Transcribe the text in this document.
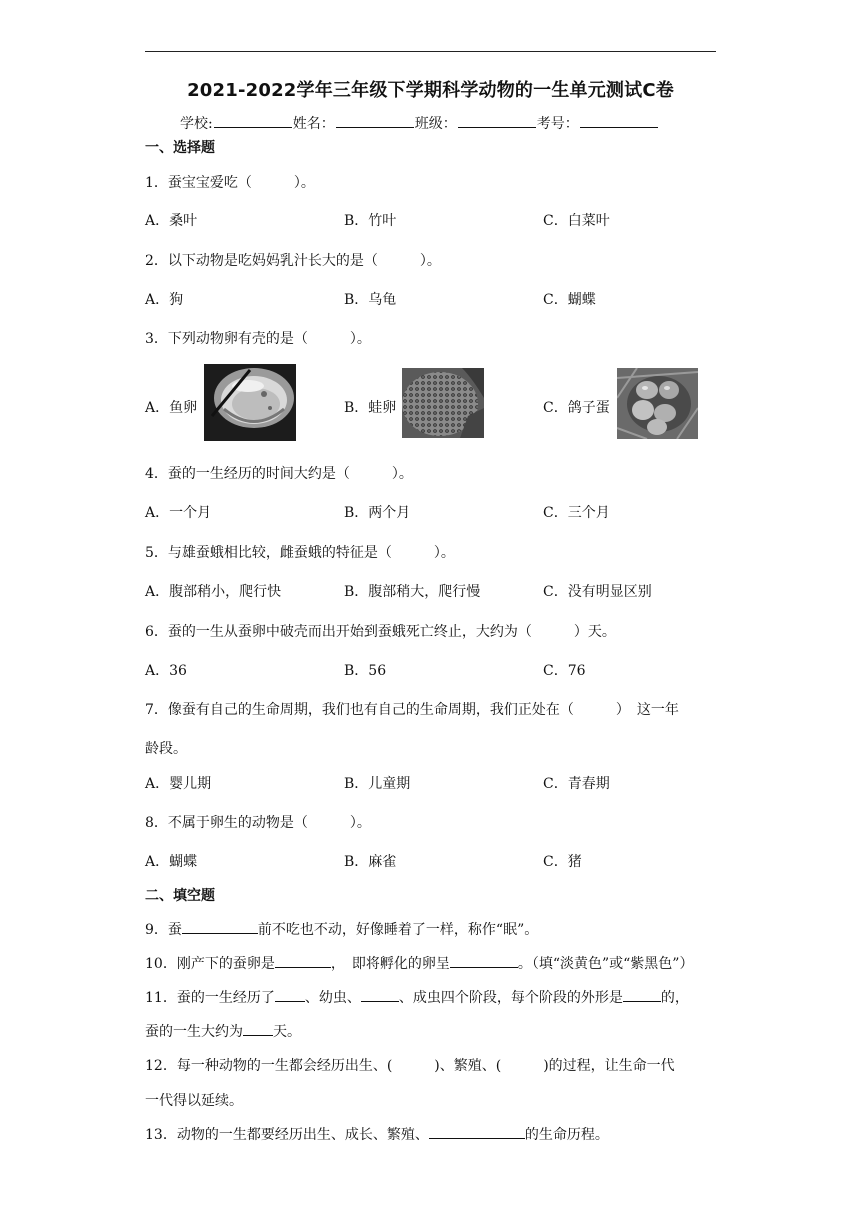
2021-2022学年三年级下学期科学动物的一生单元测试C卷
学校:	姓名：	班级：	考号：
一、选择题
1．蚕宝宝爱吃（　　　）。
A．桑叶	B．竹叶	C．白菜叶
2．以下动物是吃妈妈乳汁长大的是（　　　）。
A．狗	B．乌龟	C．蝴蝶
3．下列动物卵有壳的是（　　　）。
A．鱼卵	B．蛙卵	C．鸽子蛋
4．蚕的一生经历的时间大约是（　　　）。
A．一个月	B．两个月	C．三个月
5．与雄蚕蛾相比较，雌蚕蛾的特征是（　　　）。
A．腹部稍小，爬行快	B．腹部稍大，爬行慢	C．没有明显区别
6．蚕的一生从蚕卵中破壳而出开始到蚕蛾死亡终止，大约为（　　　）天。
A．36	B．56	C．76
7．像蚕有自己的生命周期，我们也有自己的生命周期，我们正处在（　　　）　这一年
龄段。
A．婴儿期	B．儿童期	C．青春期
8．不属于卵生的动物是（　　　）。
A．蝴蝶	B．麻雀	C．猪
二、填空题
9．蚕	前不吃也不动，好像睡着了一样，称作“眠”。
10．刚产下的蚕卵是	，　即将孵化的卵呈	。（填“淡黄色”或“紫黑色”）
11．蚕的一生经历了 、幼虫、	、成虫四个阶段，每个阶段的外形是	的，
蚕的一生大约为 天。
12．每一种动物的一生都会经历出生、(　　　)、繁殖、(　　　)的过程，让生命一代
一代得以延续。
13．动物的一生都要经历出生、成长、繁殖、	的生命历程。
